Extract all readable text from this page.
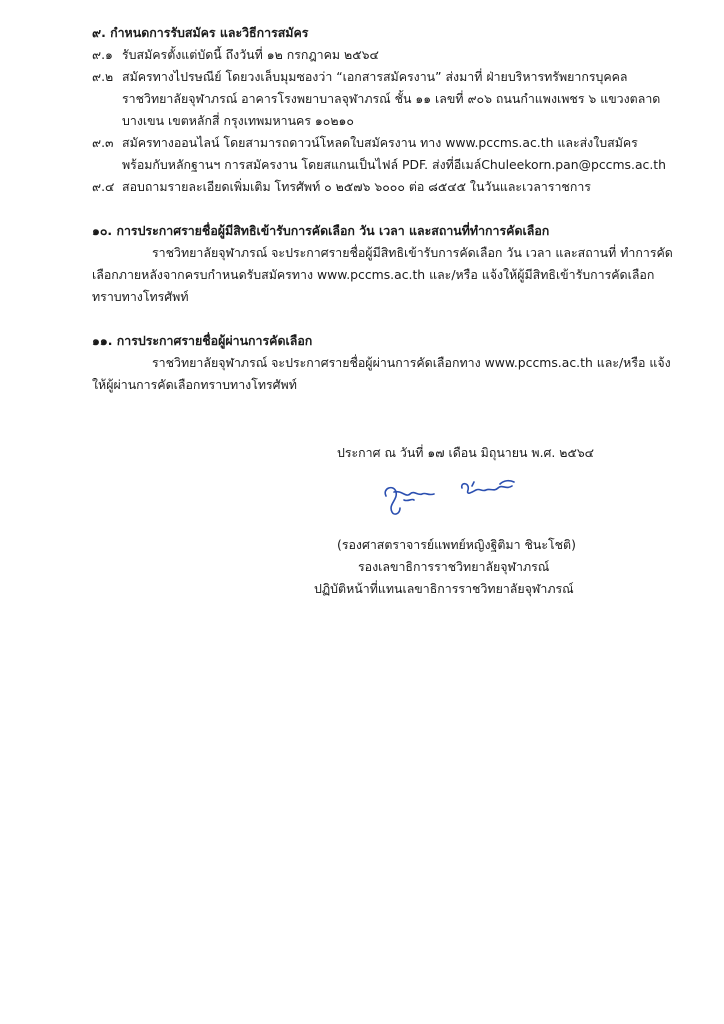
๙. กำหนดการรับสมัคร และวิธีการสมัคร
๙.๑ รับสมัครตั้งแต่บัดนี้ ถึงวันที่ ๑๒ กรกฎาคม ๒๕๖๔
๙.๒ สมัครทางไปรษณีย์ โดยวงเล็บมุมซองว่า “เอกสารสมัครงาน” ส่งมาที่ ฝ่ายบริหารทรัพยากรบุคคล
ราชวิทยาลัยจุฬาภรณ์ อาคารโรงพยาบาลจุฬาภรณ์ ชั้น ๑๑ เลขที่ ๙๐๖ ถนนกำแพงเพชร ๖ แขวงตลาด
บางเขน เขตหลักสี่ กรุงเทพมหานคร ๑๐๒๑๐
๙.๓ สมัครทางออนไลน์ โดยสามารถดาวน์โหลดใบสมัครงาน ทาง www.pccms.ac.th และส่งใบสมัคร
พร้อมกับหลักฐานฯ การสมัครงาน โดยสแกนเป็นไฟล์ PDF. ส่งที่อีเมล์Chuleekorn.pan@pccms.ac.th
๙.๔ สอบถามรายละเอียดเพิ่มเติม โทรศัพท์ ๐ ๒๕๗๖ ๖๐๐๐ ต่อ ๘๕๔๕ ในวันและเวลาราชการ
๑๐. การประกาศรายชื่อผู้มีสิทธิเข้ารับการคัดเลือก วัน เวลา และสถานที่ทำการคัดเลือก
ราชวิทยาลัยจุฬาภรณ์ จะประกาศรายชื่อผู้มีสิทธิเข้ารับการคัดเลือก วัน เวลา และสถานที่ ทำการคัด
เลือกภายหลังจากครบกำหนดรับสมัครทาง www.pccms.ac.th และ/หรือ แจ้งให้ผู้มีสิทธิเข้ารับการคัดเลือก
ทราบทางโทรศัพท์
๑๑. การประกาศรายชื่อผู้ผ่านการคัดเลือก
ราชวิทยาลัยจุฬาภรณ์ จะประกาศรายชื่อผู้ผ่านการคัดเลือกทาง www.pccms.ac.th และ/หรือ แจ้ง
ให้ผู้ผ่านการคัดเลือกทราบทางโทรศัพท์
ประกาศ ณ วันที่ ๑๗ เดือน มิถุนายน พ.ศ. ๒๕๖๔
(รองศาสตราจารย์แพทย์หญิงฐิติมา ชินะโชติ)
รองเลขาธิการราชวิทยาลัยจุฬาภรณ์
ปฏิบัติหน้าที่แทนเลขาธิการราชวิทยาลัยจุฬาภรณ์
